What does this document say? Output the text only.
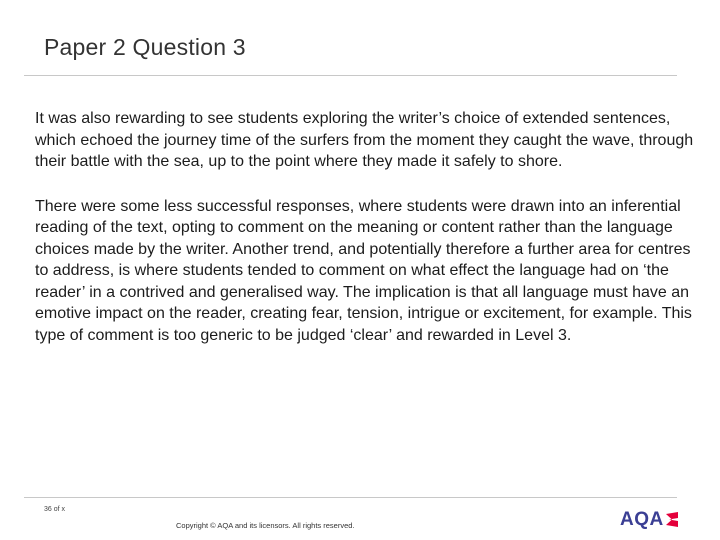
Paper 2 Question 3

It was also rewarding to see students exploring the writer’s choice of extended sentences, which echoed the journey time of the surfers from the moment they caught the wave, through their battle with the sea, up to the point where they made it safely to shore.

There were some less successful responses, where students were drawn into an inferential reading of the text, opting to comment on the meaning or content rather than the language choices made by the writer. Another trend, and potentially therefore a further area for centres to address, is where students tended to comment on what effect the language had on ‘the reader’ in a contrived and generalised way. The implication is that all language must have an emotive impact on the reader, creating fear, tension, intrigue or excitement, for example. This type of comment is too generic to be judged ‘clear’ and rewarded in Level 3.

36 of x
Copyright © AQA and its licensors. All rights reserved.	AQA
